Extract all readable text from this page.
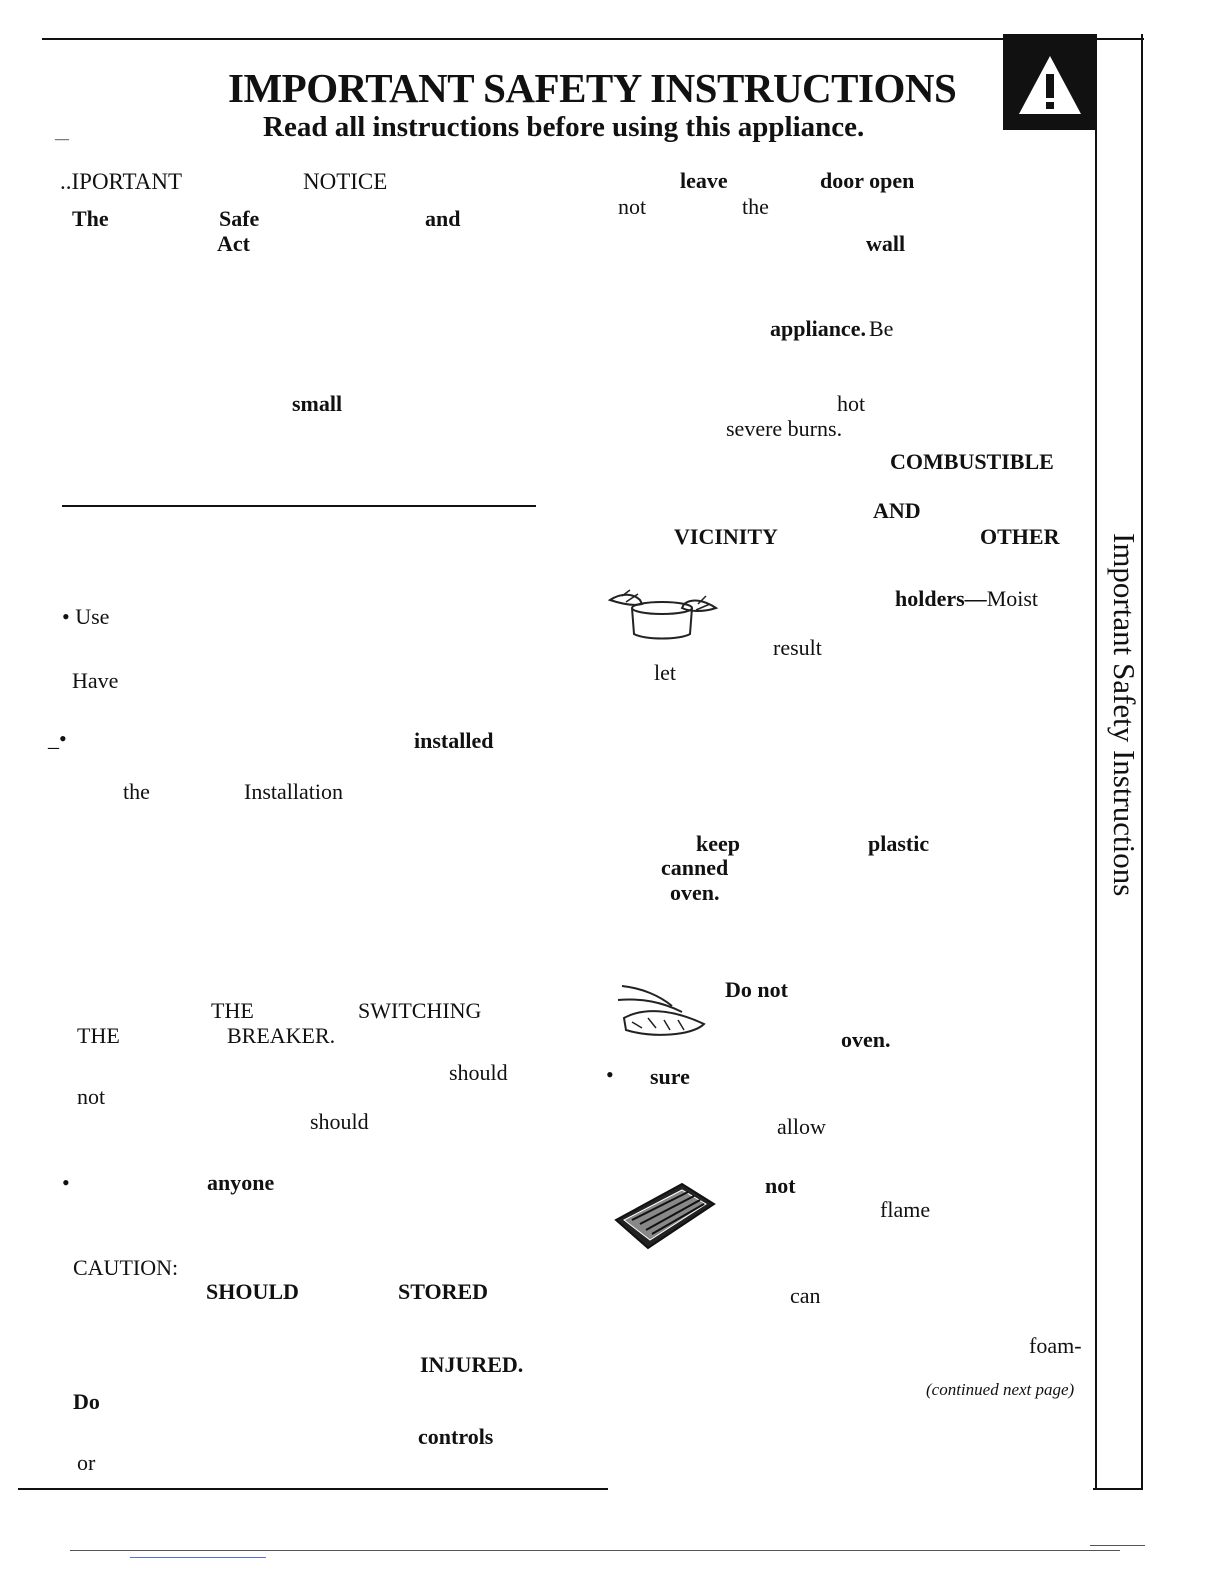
IMPORTANT SAFETY INSTRUCTIONS
Read all instructions before using this appliance.
—
Important Safety Instructions
..IPORTANT	NOTICE
The	Safe	and
Act
small
• Use
Have
_•	installed
the	Installation
THE	SWITCHING
THE	BREAKER.
should
not
should
•	anyone
CAUTION:
SHOULD	STORED
INJURED.
Do
controls
or
leave	door open
not	the
wall
appliance. Be
hot
severe burns.
COMBUSTIBLE
AND
VICINITY	OTHER
holders—Moist
result
let
keep	plastic
canned
oven.
Do not
oven.
• sure
allow
not
flame
can
foam-
(continued next page)
